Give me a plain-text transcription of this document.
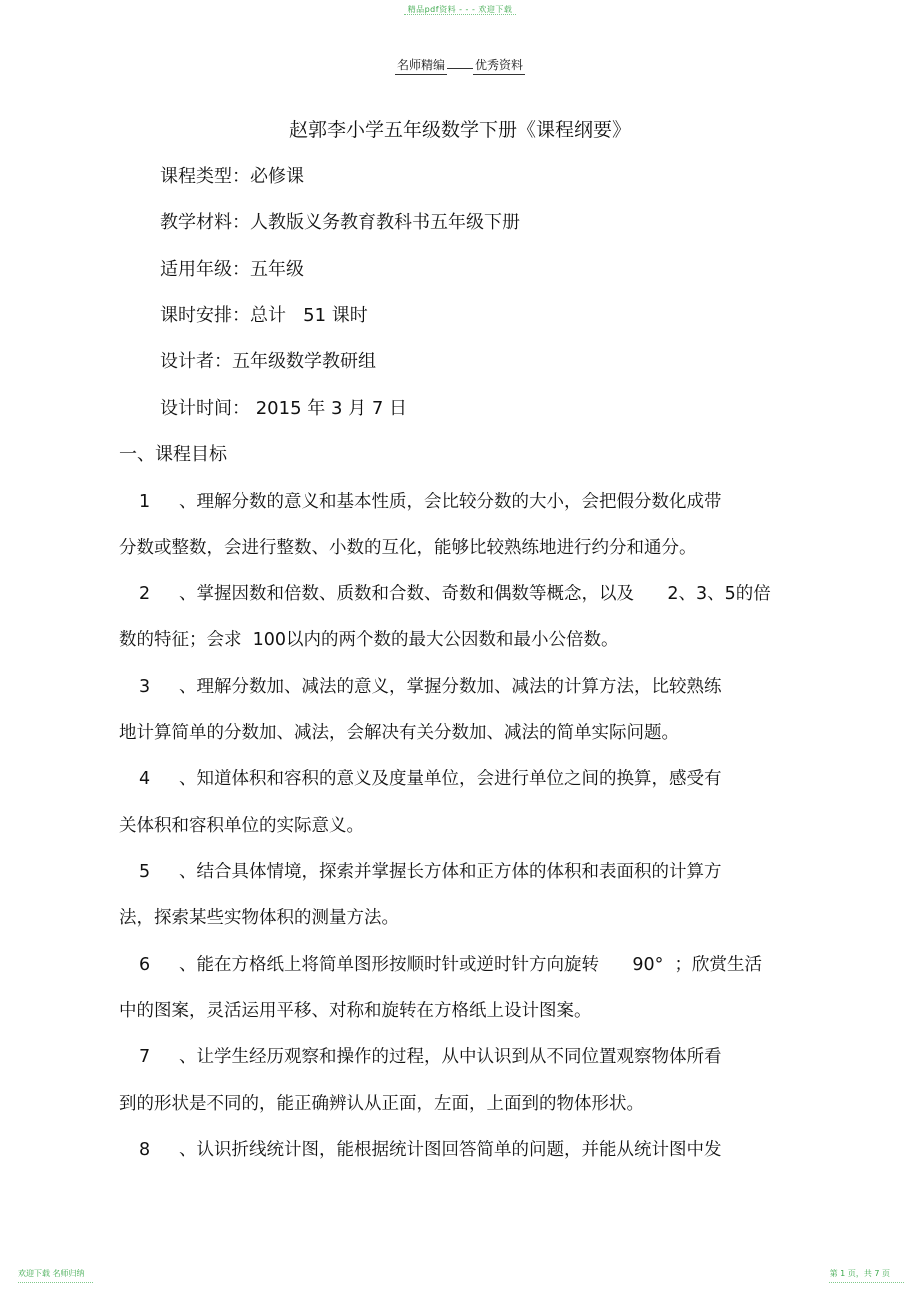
精品pdf资料 - - - 欢迎下载
名师精编	优秀资料
赵郭李小学五年级数学下册《课程纲要》
课程类型：必修课
教学材料：人教版义务教育教科书五年级下册
适用年级：五年级
课时安排：总计   51 课时
设计者：五年级数学教研组
设计时间： 2015 年 3 月 7 日
一、课程目标
1 、理解分数的意义和基本性质，会比较分数的大小，会把假分数化成带
分数或整数，会进行整数、小数的互化，能够比较熟练地进行约分和通分。
2 、掌握因数和倍数、质数和合数、奇数和偶数等概念，以及      2、3、5的倍
数的特征；会求  100以内的两个数的最大公因数和最小公倍数。
3 、理解分数加、减法的意义，掌握分数加、减法的计算方法，比较熟练
地计算简单的分数加、减法，会解决有关分数加、减法的简单实际问题。
4 、知道体积和容积的意义及度量单位，会进行单位之间的换算，感受有
关体积和容积单位的实际意义。
5 、结合具体情境，探索并掌握长方体和正方体的体积和表面积的计算方
法，探索某些实物体积的测量方法。
6 、能在方格纸上将简单图形按顺时针或逆时针方向旋转      90°  ；欣赏生活
中的图案，灵活运用平移、对称和旋转在方格纸上设计图案。
7 、让学生经历观察和操作的过程，从中认识到从不同位置观察物体所看
到的形状是不同的，能正确辨认从正面，左面，上面到的物体形状。
8 、认识折线统计图，能根据统计图回答简单的问题，并能从统计图中发
欢迎下载 名师归纳	第 1 页，共 7 页
